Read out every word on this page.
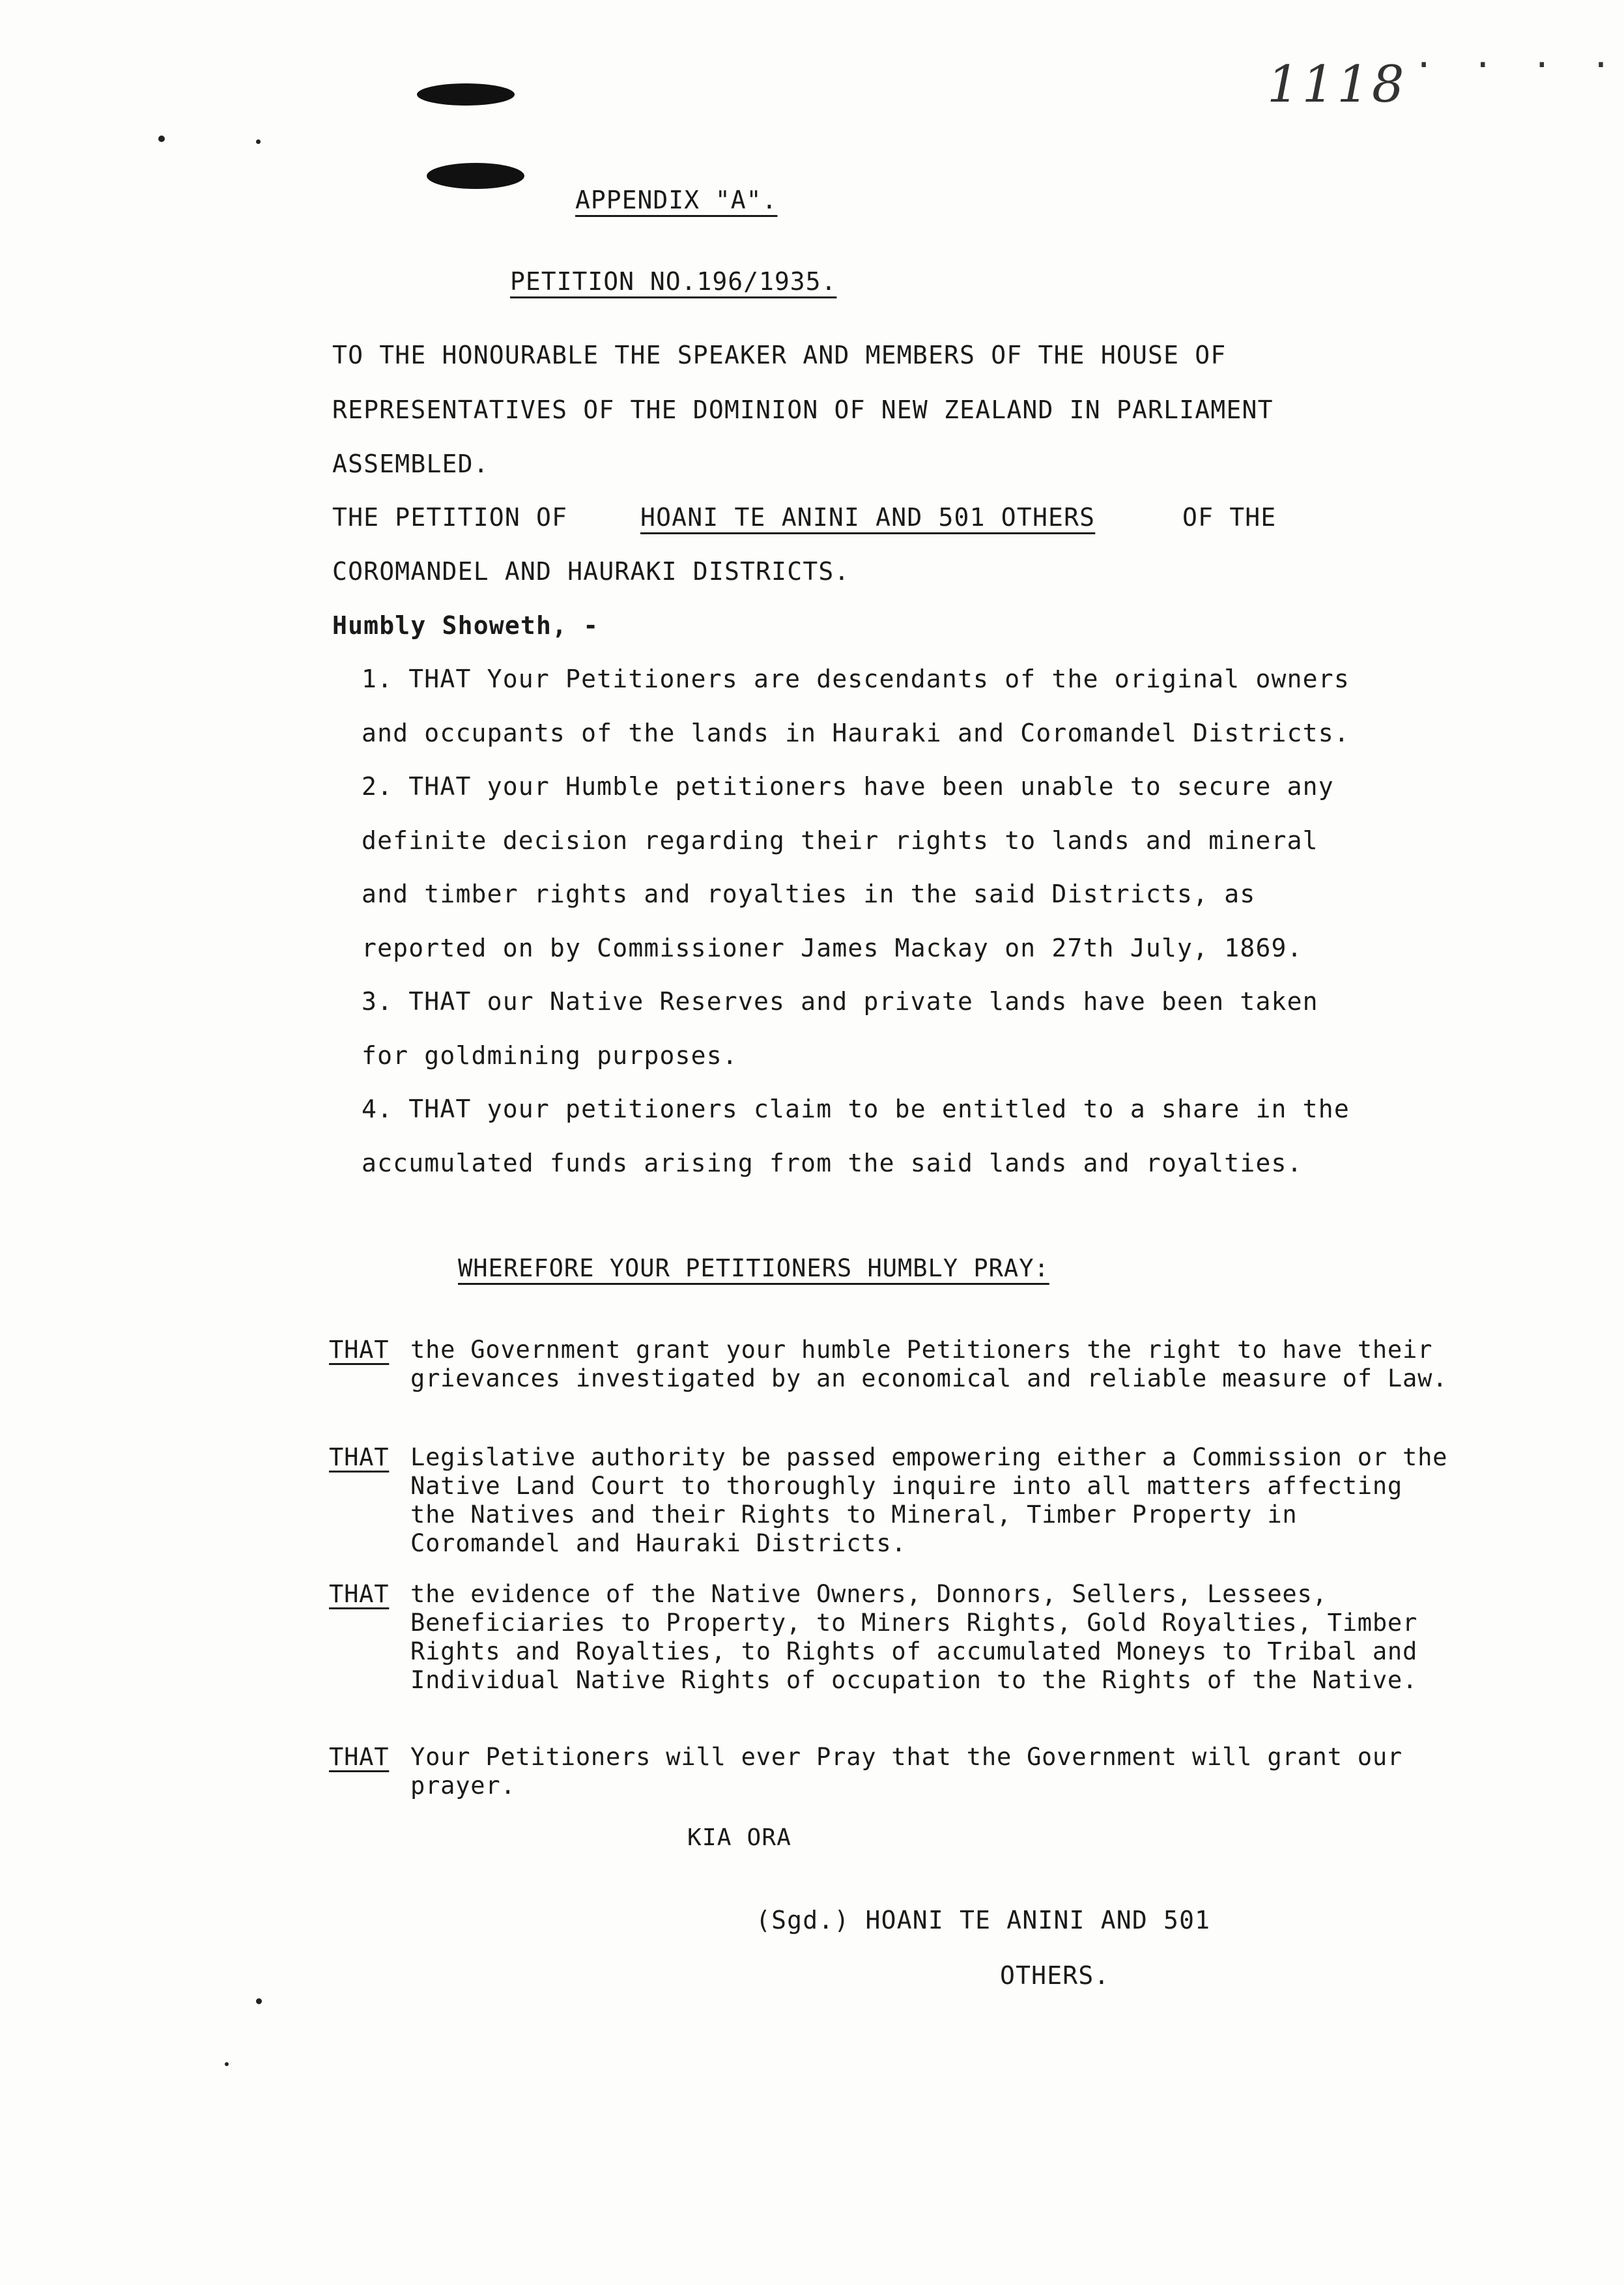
1118 · · · ·
APPENDIX "A".
PETITION NO.196/1935.
TO THE HONOURABLE THE SPEAKER AND MEMBERS OF THE HOUSE OF
REPRESENTATIVES OF THE DOMINION OF NEW ZEALAND IN PARLIAMENT
ASSEMBLED.
THE PETITION OF	HOANI TE ANINI AND 501 OTHERS	OF THE
COROMANDEL AND HAURAKI DISTRICTS.
Humbly Showeth, -
1. THAT Your Petitioners are descendants of the original owners
and occupants of the lands in Hauraki and Coromandel Districts.
2. THAT your Humble petitioners have been unable to secure any
definite decision regarding their rights to lands and mineral
and timber rights and royalties in the said Districts, as
reported on by Commissioner James Mackay on 27th July, 1869.
3. THAT our Native Reserves and private lands have been taken
for goldmining purposes.
4. THAT your petitioners claim to be entitled to a share in the
accumulated funds arising from the said lands and royalties.
WHEREFORE YOUR PETITIONERS HUMBLY PRAY:
THAT the Government grant your humble Petitioners the right to have their grievances investigated by an economical and reliable measure of Law.
THAT Legislative authority be passed empowering either a Commission or the Native Land Court to thoroughly inquire into all matters affecting the Natives and their Rights to Mineral, Timber Property in Coromandel and Hauraki Districts.
THAT the evidence of the Native Owners, Donnors, Sellers, Lessees, Beneficiaries to Property, to Miners Rights, Gold Royalties, Timber Rights and Royalties, to Rights of accumulated Moneys to Tribal and Individual Native Rights of occupation to the Rights of the Native.
THAT Your Petitioners will ever Pray that the Government will grant our prayer.
KIA ORA
(Sgd.) HOANI TE ANINI AND 501
OTHERS.
